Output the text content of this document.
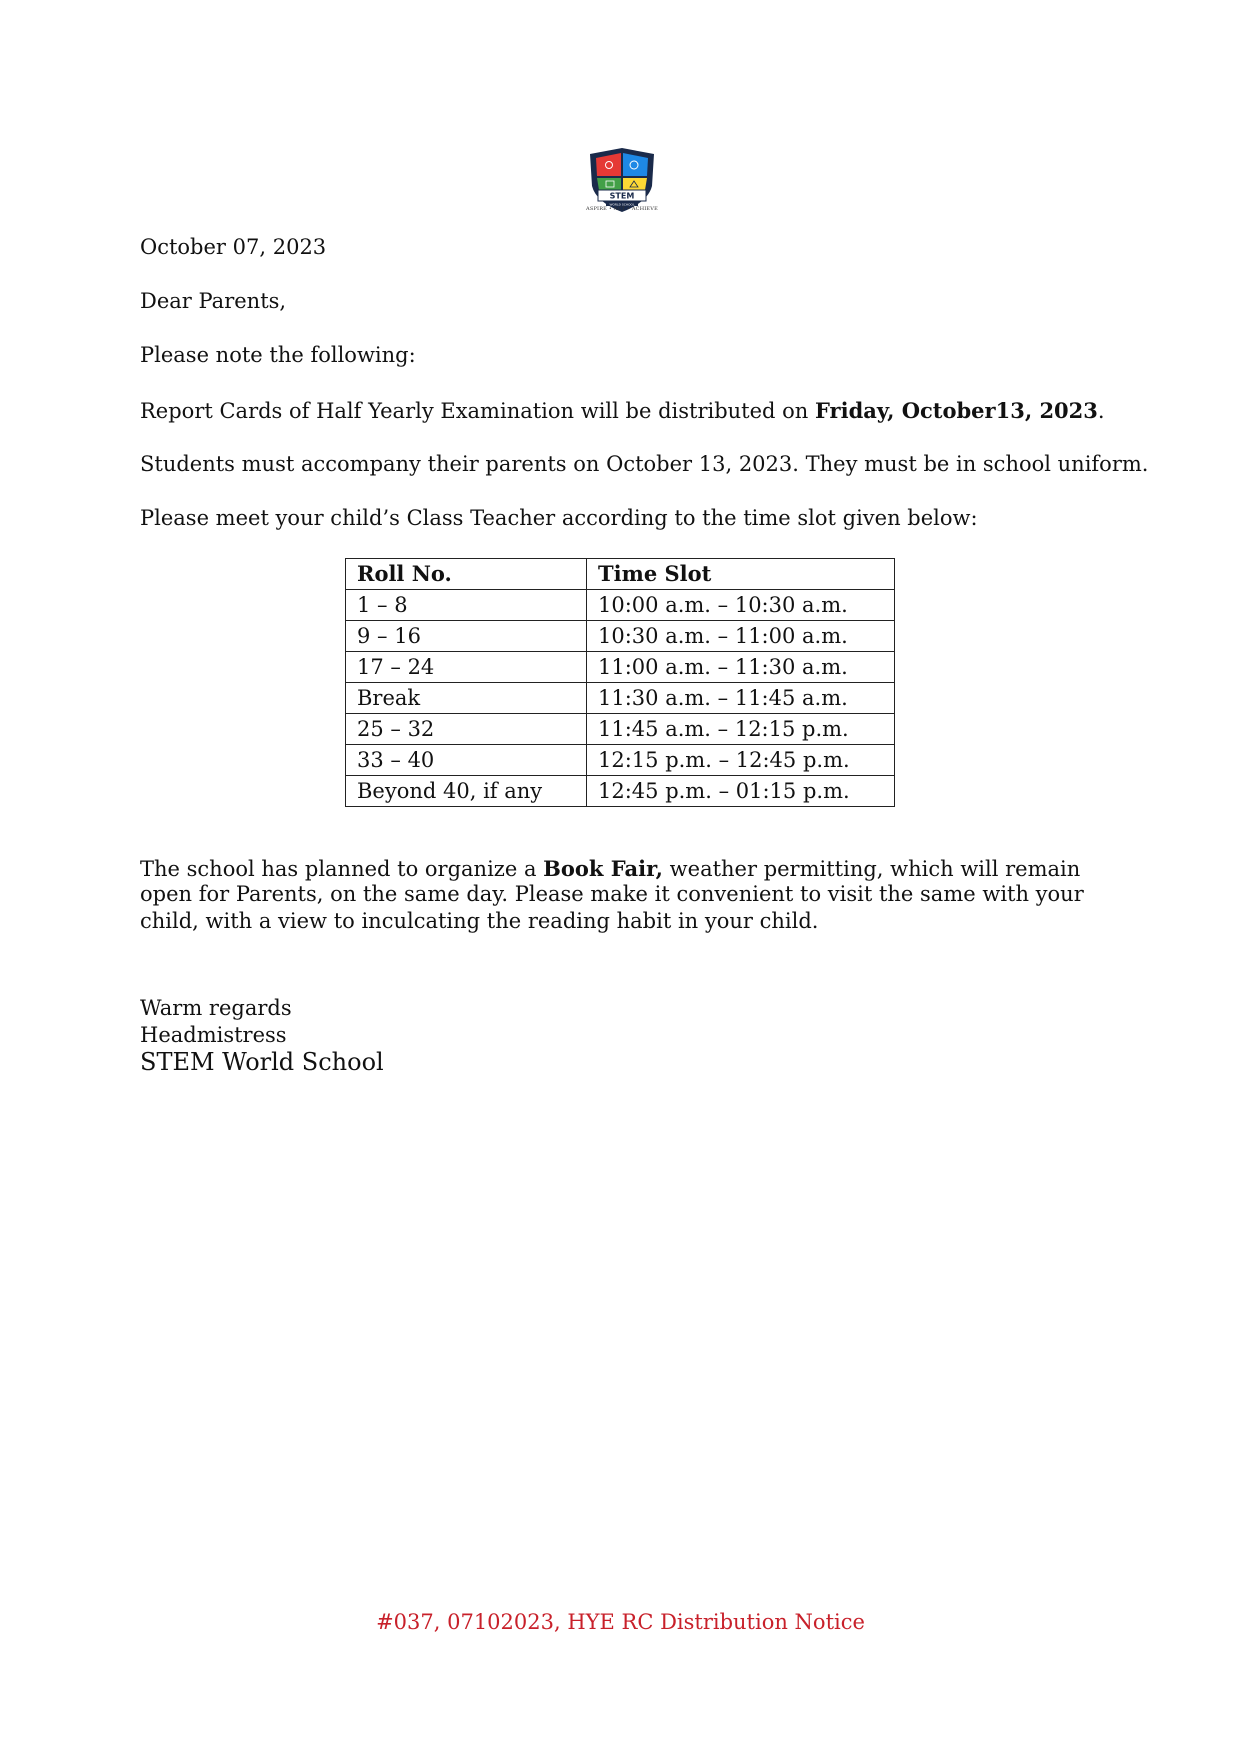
STEM
WORLD SCHOOL
ASPIRE • ACT • ACHIEVE
October 07, 2023
Dear Parents,
Please note the following:
Report Cards of Half Yearly Examination will be distributed on Friday, October13, 2023.
Students must accompany their parents on October 13, 2023. They must be in school uniform.
Please meet your child’s Class Teacher according to the time slot given below:
Roll No.	Time Slot
1 – 8	10:00 a.m. – 10:30 a.m.
9 – 16	10:30 a.m. – 11:00 a.m.
17 – 24	11:00 a.m. – 11:30 a.m.
Break	11:30 a.m. – 11:45 a.m.
25 – 32	11:45 a.m. – 12:15 p.m.
33 – 40	12:15 p.m. – 12:45 p.m.
Beyond 40, if any	12:45 p.m. – 01:15 p.m.
The school has planned to organize a Book Fair, weather permitting, which will remain
open for Parents, on the same day. Please make it convenient to visit the same with your
child, with a view to inculcating the reading habit in your child.
Warm regards
Headmistress
STEM World School
#037, 07102023, HYE RC Distribution Notice
